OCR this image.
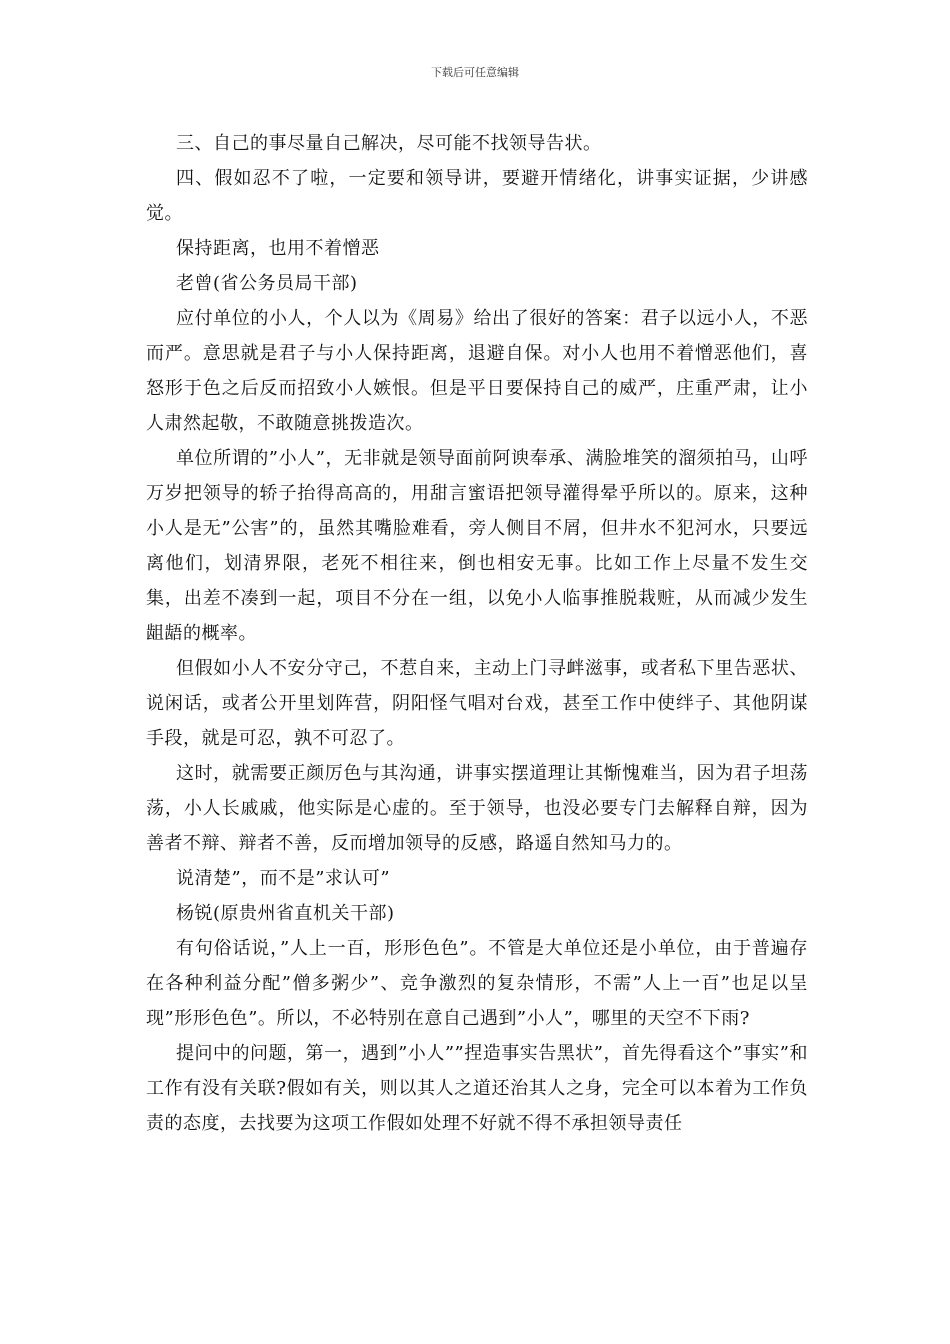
下载后可任意编辑

三、自己的事尽量自己解决，尽可能不找领导告状。

四、假如忍不了啦，一定要和领导讲，要避开情绪化，讲事实证据，少讲感觉。

保持距离，也用不着憎恶

老曾(省公务员局干部)

应付单位的小人，个人以为《周易》给出了很好的答案：君子以远小人，不恶而严。意思就是君子与小人保持距离，退避自保。对小人也用不着憎恶他们，喜怒形于色之后反而招致小人嫉恨。但是平日要保持自己的威严，庄重严肃，让小人肃然起敬，不敢随意挑拨造次。

单位所谓的”小人”，无非就是领导面前阿谀奉承、满脸堆笑的溜须拍马，山呼万岁把领导的轿子抬得高高的，用甜言蜜语把领导灌得晕乎所以的。原来，这种小人是无”公害”的，虽然其嘴脸难看，旁人侧目不屑，但井水不犯河水，只要远离他们，划清界限，老死不相往来，倒也相安无事。比如工作上尽量不发生交集，出差不凑到一起，项目不分在一组，以免小人临事推脱栽赃，从而减少发生龃龉的概率。

但假如小人不安分守己，不惹自来，主动上门寻衅滋事，或者私下里告恶状、说闲话，或者公开里划阵营，阴阳怪气唱对台戏，甚至工作中使绊子、其他阴谋手段，就是可忍，孰不可忍了。

这时，就需要正颜厉色与其沟通，讲事实摆道理让其惭愧难当，因为君子坦荡荡，小人长戚戚，他实际是心虚的。至于领导，也没必要专门去解释自辩，因为善者不辩、辩者不善，反而增加领导的反感，路遥自然知马力的。

说清楚”，而不是”求认可”

杨锐(原贵州省直机关干部)

有句俗话说，”人上一百，形形色色”。不管是大单位还是小单位，由于普遍存在各种利益分配”僧多粥少”、竞争激烈的复杂情形，不需”人上一百”也足以呈现”形形色色”。所以，不必特别在意自己遇到”小人”，哪里的天空不下雨?

提问中的问题，第一，遇到”小人””捏造事实告黑状”，首先得看这个”事实”和工作有没有关联?假如有关，则以其人之道还治其人之身，完全可以本着为工作负责的态度，去找要为这项工作假如处理不好就不得不承担领导责任
